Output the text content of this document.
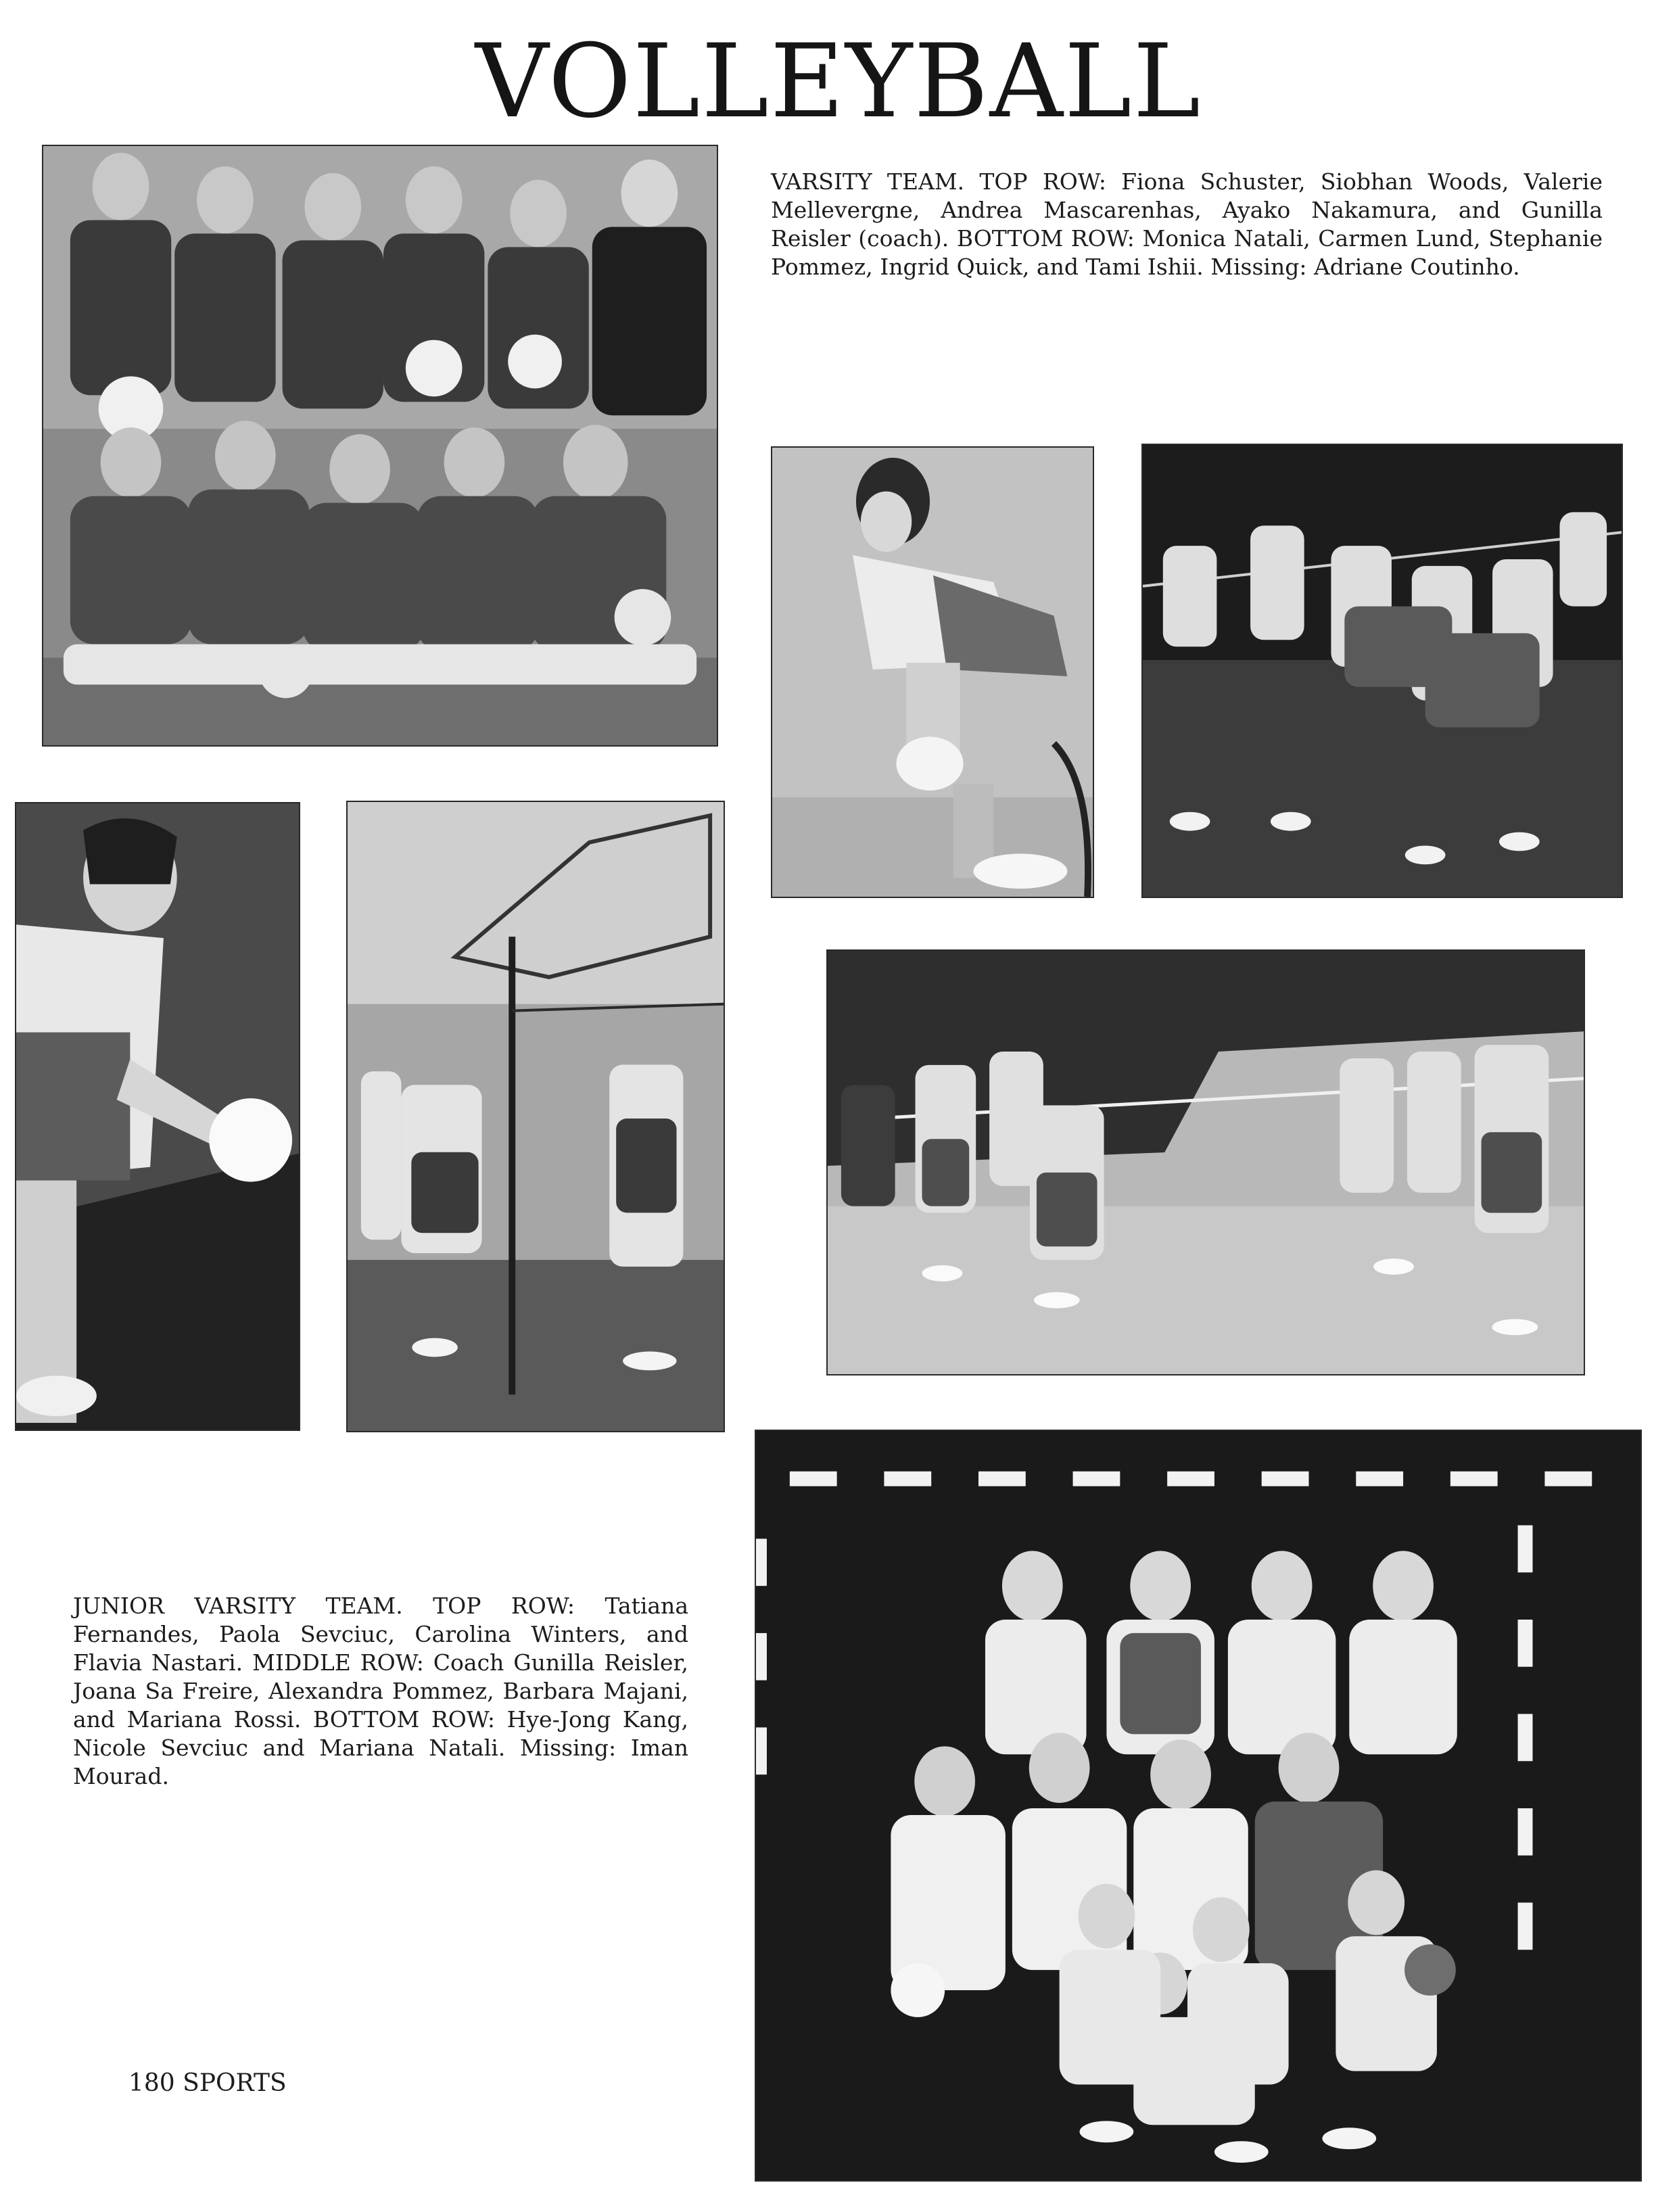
VOLLEYBALL

VARSITY TEAM. TOP ROW: Fiona Schuster, Siobhan Woods, Valerie Mellevergne, Andrea Mascarenhas, Ayako Nakamura, and Gunilla Reisler (coach). BOTTOM ROW: Monica Natali, Carmen Lund, Stephanie Pommez, Ingrid Quick, and Tami Ishii. Missing: Adriane Coutinho.

JUNIOR VARSITY TEAM. TOP ROW: Tatiana Fernandes, Paola Sevciuc, Carolina Winters, and Flavia Nastari. MIDDLE ROW: Coach Gunilla Reisler, Joana Sa Freire, Alexandra Pommez, Barbara Majani, and Mariana Rossi. BOTTOM ROW: Hye-Jong Kang, Nicole Sevciuc and Mariana Natali. Missing: Iman Mourad.

180 SPORTS
